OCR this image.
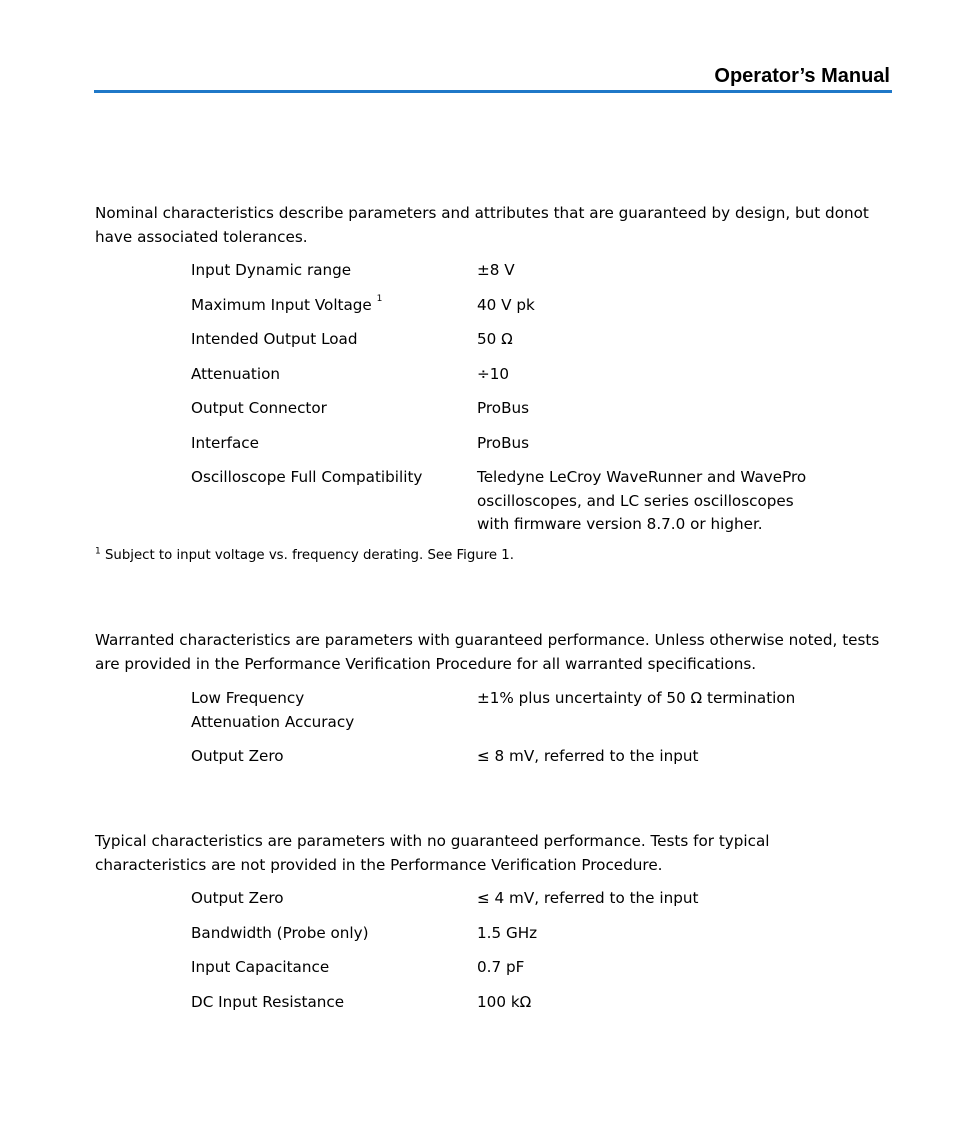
Operator’s Manual
Nominal characteristics describe parameters and attributes that are guaranteed by design, but donot have associated tolerances.
Input Dynamic range	±8 V
Maximum Input Voltage $^1$	40 V pk
Intended Output Load	50 Ω
Attenuation	÷10
Output Connector	ProBus
Interface	ProBus
Oscilloscope Full Compatibility	Teledyne LeCroy WaveRunner and WavePro
oscilloscopes, and LC series oscilloscopes
with firmware version 8.7.0 or higher.
$^1$ Subject to input voltage vs. frequency derating. See Figure 1.
Warranted characteristics are parameters with guaranteed performance. Unless otherwise noted, tests are provided in the Performance Verification Procedure for all warranted specifications.
Low Frequency
Attenuation Accuracy	±1% plus uncertainty of 50 Ω termination
Output Zero	≤ 8 mV, referred to the input
Typical characteristics are parameters with no guaranteed performance. Tests for typical characteristics are not provided in the Performance Verification Procedure.
Output Zero	≤ 4 mV, referred to the input
Bandwidth (Probe only)	1.5 GHz
Input Capacitance	0.7 pF
DC Input Resistance	100 kΩ
